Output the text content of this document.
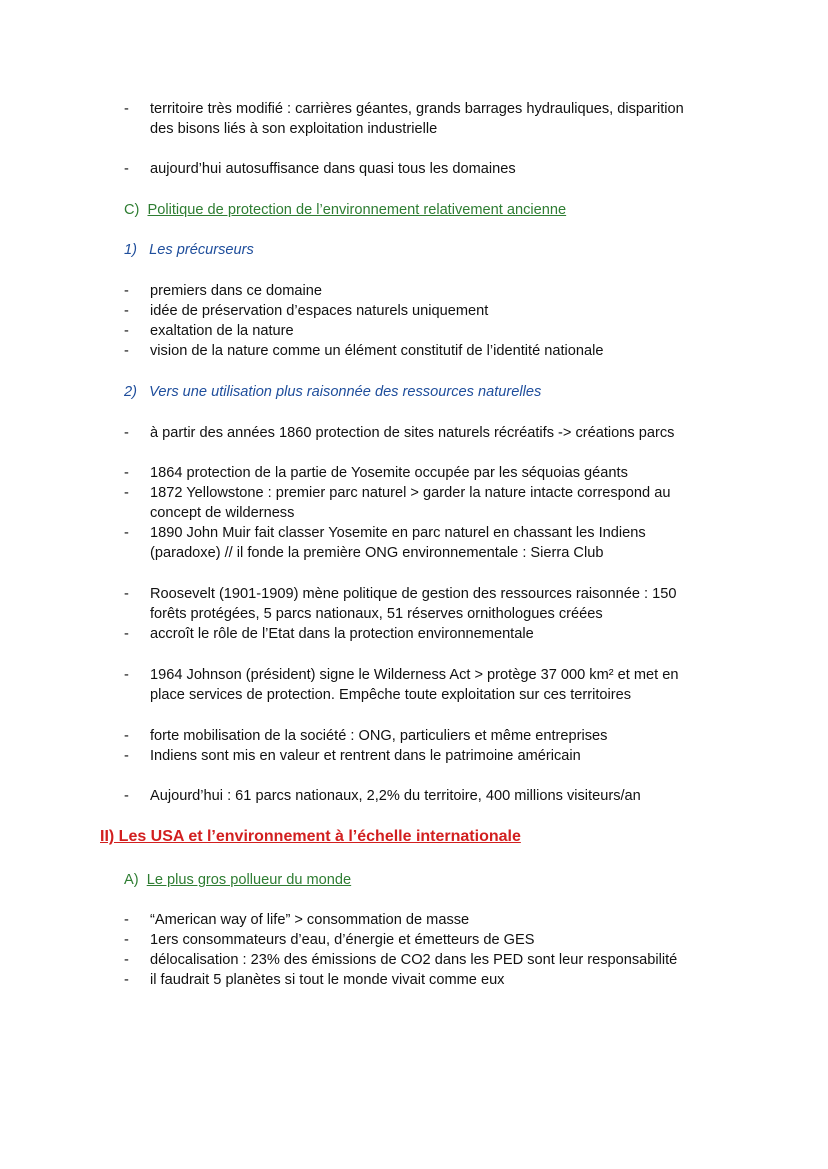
-	territoire très modifié : carrières géantes, grands barrages hydrauliques, disparition
des bisons liés à son exploitation industrielle
-	aujourd’hui autosuffisance dans quasi tous les domaines
C) Politique de protection de l’environnement relativement ancienne
1) Les précurseurs
-	premiers dans ce domaine
-	idée de préservation d’espaces naturels uniquement
-	exaltation de la nature
-	vision de la nature comme un élément constitutif de l’identité nationale
2) Vers une utilisation plus raisonnée des ressources naturelles
-	à partir des années 1860 protection de sites naturels récréatifs -> créations parcs
-	1864 protection de la partie de Yosemite occupée par les séquoias géants
-	1872 Yellowstone : premier parc naturel > garder la nature intacte correspond au
concept de wilderness
-	1890 John Muir fait classer Yosemite en parc naturel en chassant les Indiens
(paradoxe) // il fonde la première ONG environnementale : Sierra Club
-	Roosevelt (1901-1909) mène politique de gestion des ressources raisonnée : 150
forêts protégées, 5 parcs nationaux, 51 réserves ornithologues créées
-	accroît le rôle de l’Etat dans la protection environnementale
-	1964 Johnson (président) signe le Wilderness Act > protège 37 000 km² et met en
place services de protection. Empêche toute exploitation sur ces territoires
-	forte mobilisation de la société : ONG, particuliers et même entreprises
-	Indiens sont mis en valeur et rentrent dans le patrimoine américain
-	Aujourd’hui : 61 parcs nationaux, 2,2% du territoire, 400 millions visiteurs/an
II) Les USA et l’environnement à l’échelle internationale
A) Le plus gros pollueur du monde
-	“American way of life” > consommation de masse
-	1ers consommateurs d’eau, d’énergie et émetteurs de GES
-	délocalisation : 23% des émissions de CO2 dans les PED sont leur responsabilité
-	il faudrait 5 planètes si tout le monde vivait comme eux
